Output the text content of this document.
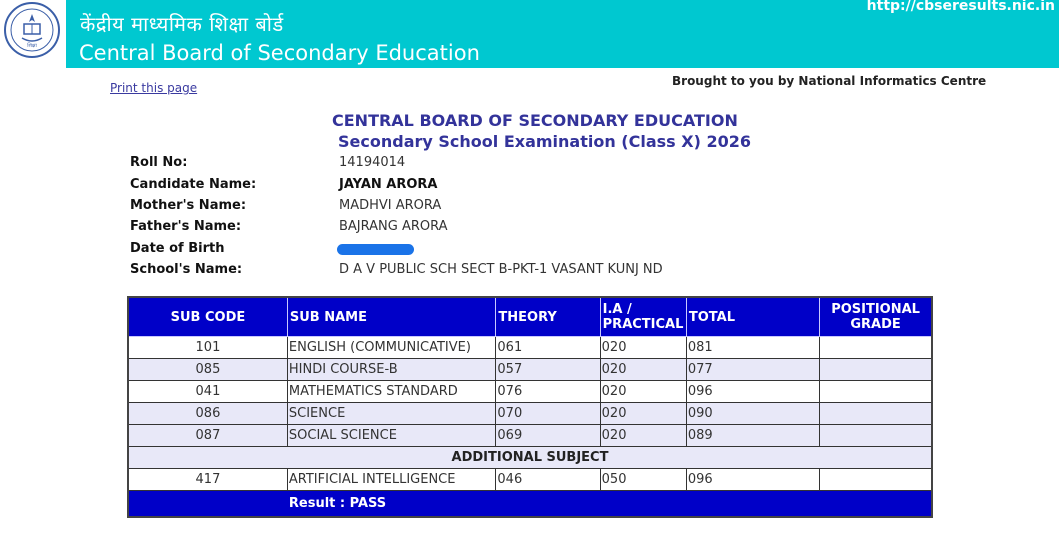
शिक्षा
केंद्रीय माध्यमिक शिक्षा बोर्ड
Central Board of Secondary Education
http://cbseresults.nic.in
Print this page	Brought to you by National Informatics Centre
CENTRAL BOARD OF SECONDARY EDUCATION
Secondary School Examination (Class X) 2026
Roll No:	14194014
Candidate Name:	JAYAN ARORA
Mother's Name:	MADHVI ARORA
Father's Name:	BAJRANG ARORA
Date of Birth
School's Name:	D A V PUBLIC SCH SECT B-PKT-1 VASANT KUNJ ND
SUB CODE	SUB NAME	THEORY	I.A / PRACTICAL	TOTAL	POSITIONAL GRADE
101	ENGLISH (COMMUNICATIVE)	061	020	081	
085	HINDI COURSE-B	057	020	077	
041	MATHEMATICS STANDARD	076	020	096	
086	SCIENCE	070	020	090	
087	SOCIAL SCIENCE	069	020	089	
ADDITIONAL SUBJECT					
417	ARTIFICIAL INTELLIGENCE	046	050	096	
	Result : PASS				
